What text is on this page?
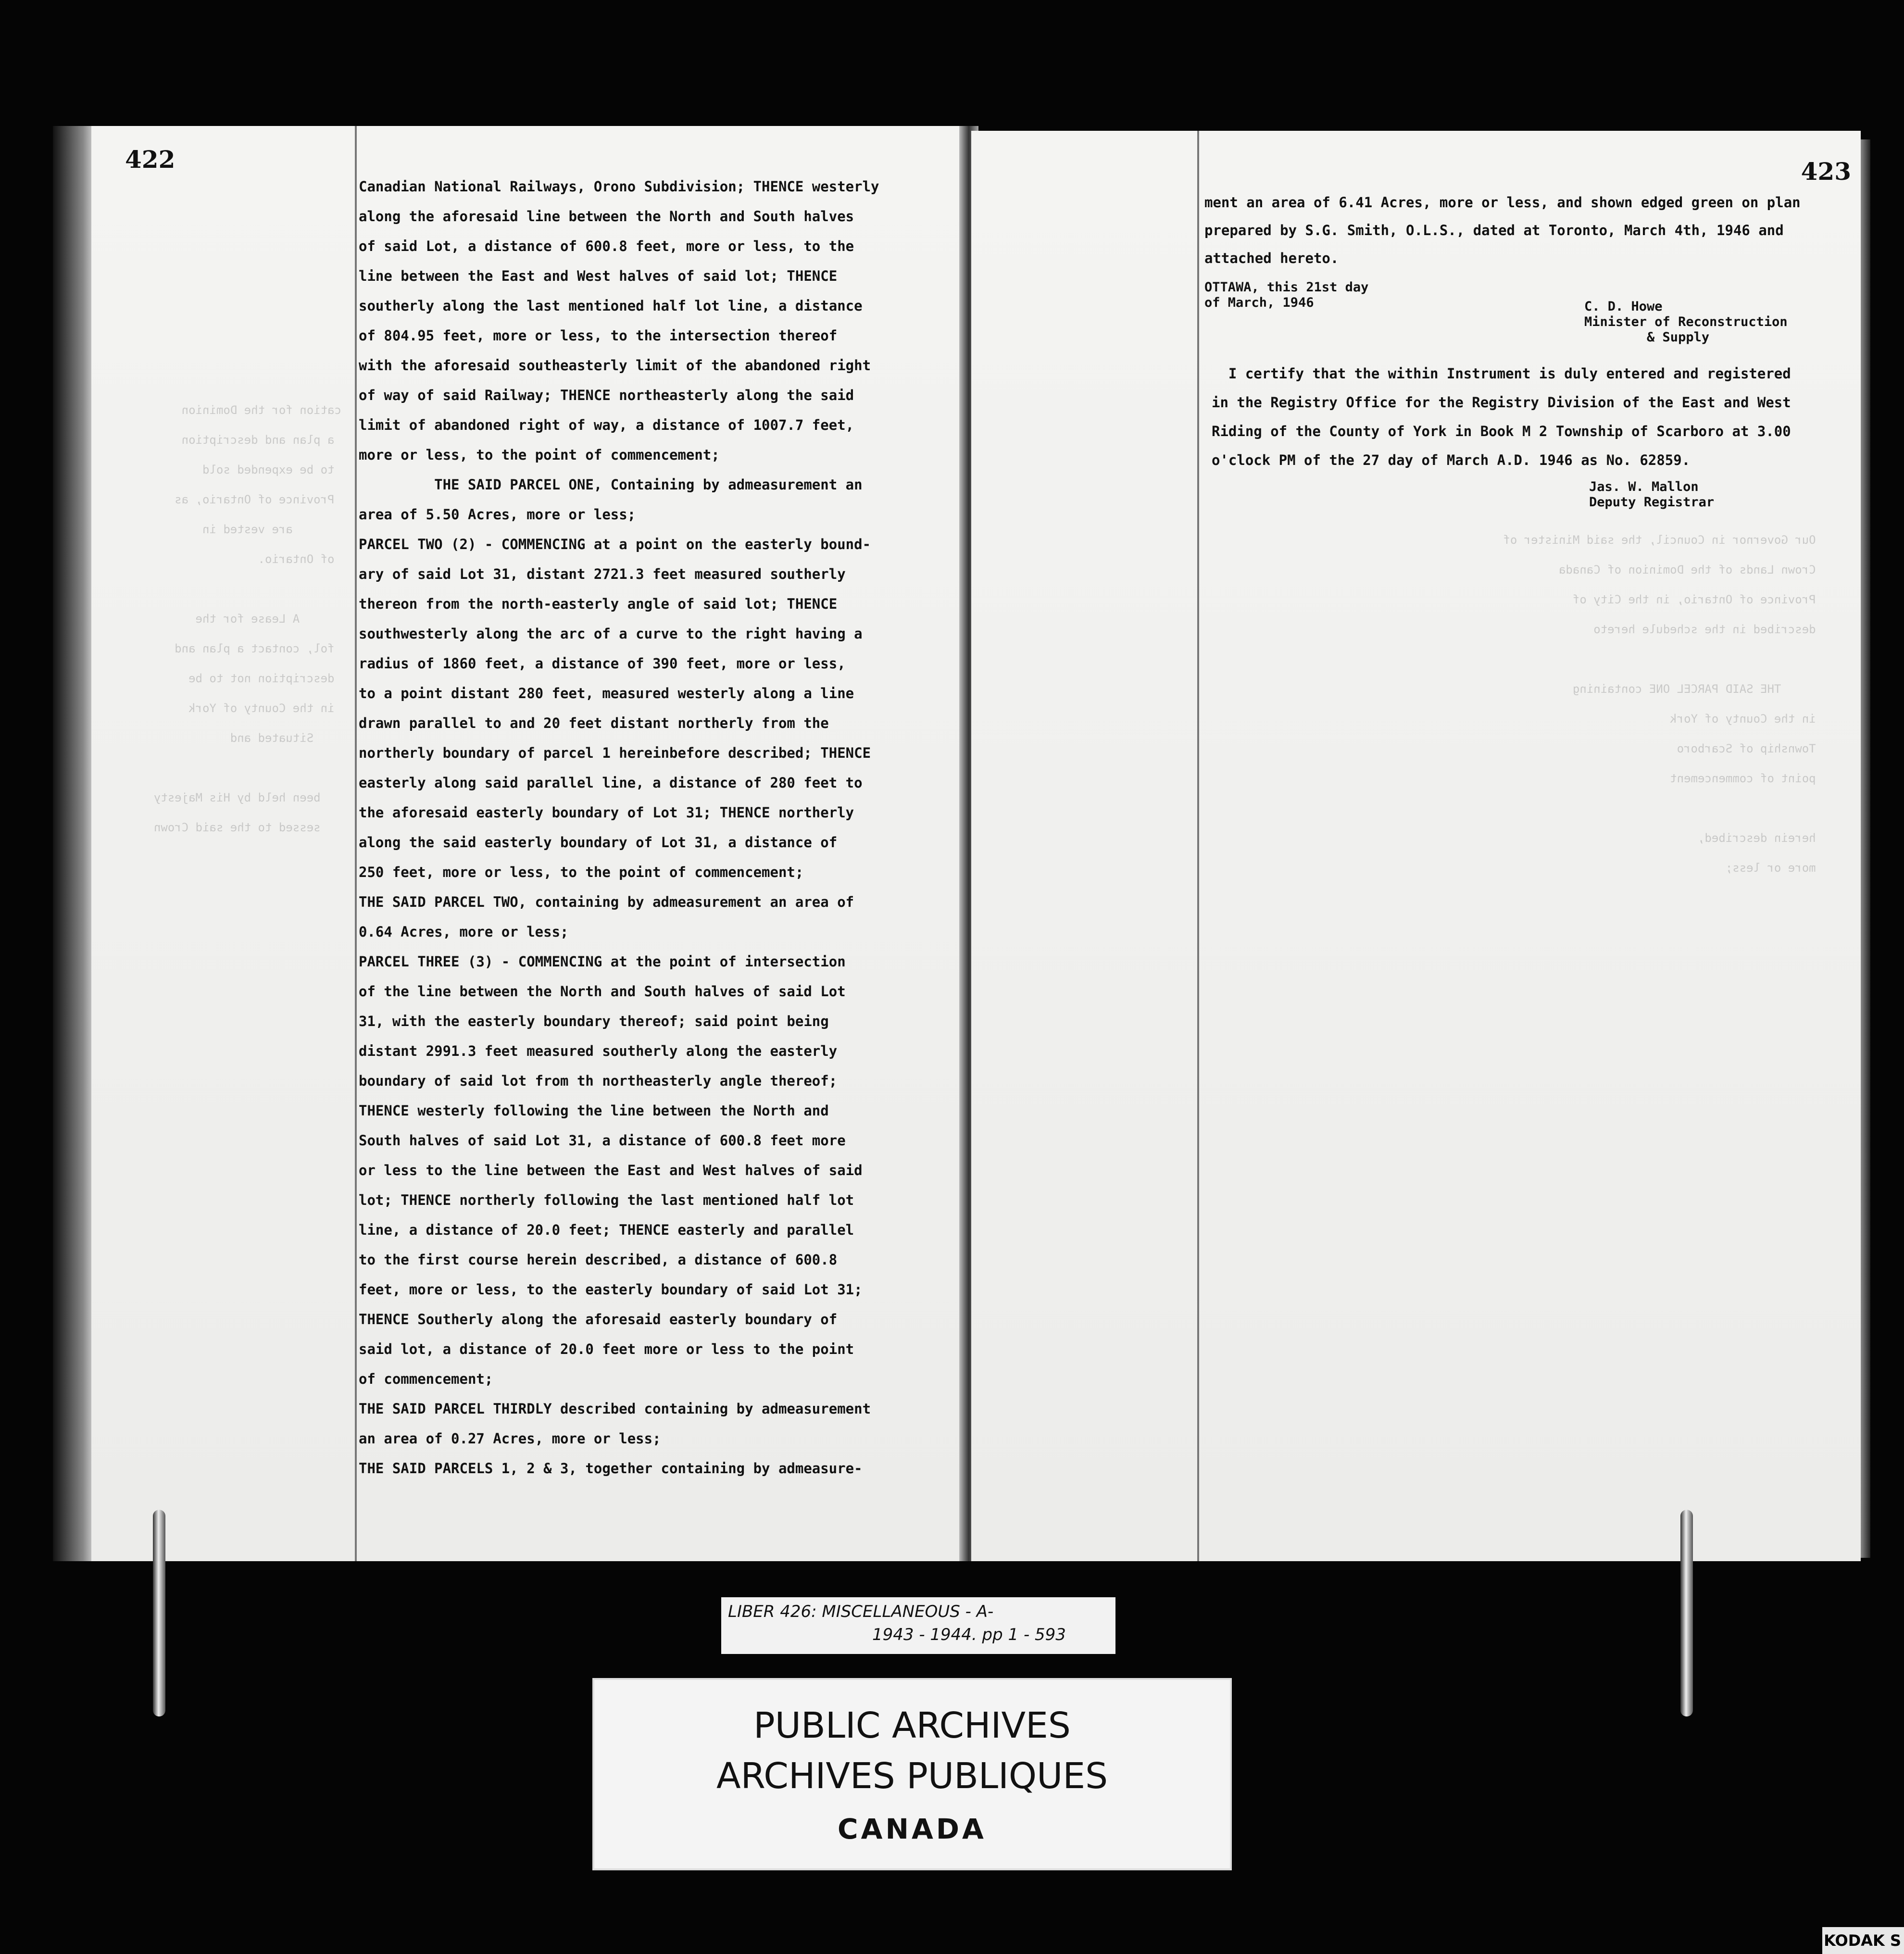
422
cation for the Dominion
a plan and description
to be expended sold
Province of Ontario, as
are vested in
of Ontario.

A Lease for the
fol, contact a plan and
description not to be
in the County of York
Situated and

been held by His Majesty
sessed to the said Crown
Canadian National Railways, Orono Subdivision; THENCE westerly
along the aforesaid line between the North and South halves
of said Lot, a distance of 600.8 feet, more or less, to the
line between the East and West halves of said lot; THENCE
southerly along the last mentioned half lot line, a distance
of 804.95 feet, more or less, to the intersection thereof
with the aforesaid southeasterly limit of the abandoned right
of way of said Railway; THENCE northeasterly along the said
limit of abandoned right of way, a distance of 1007.7 feet,
more or less, to the point of commencement;
THE SAID PARCEL ONE, Containing by admeasurement an
area of 5.50 Acres, more or less;
PARCEL TWO (2) - COMMENCING at a point on the easterly bound-
ary of said Lot 31, distant 2721.3 feet measured southerly
thereon from the north-easterly angle of said lot; THENCE
southwesterly along the arc of a curve to the right having a
radius of 1860 feet, a distance of 390 feet, more or less,
to a point distant 280 feet, measured westerly along a line
drawn parallel to and 20 feet distant northerly from the
northerly boundary of parcel 1 hereinbefore described; THENCE
easterly along said parallel line, a distance of 280 feet to
the aforesaid easterly boundary of Lot 31; THENCE northerly
along the said easterly boundary of Lot 31, a distance of
250 feet, more or less, to the point of commencement;
THE SAID PARCEL TWO, containing by admeasurement an area of
0.64 Acres, more or less;
PARCEL THREE (3) - COMMENCING at the point of intersection
of the line between the North and South halves of said Lot
31, with the easterly boundary thereof; said point being
distant 2991.3 feet measured southerly along the easterly
boundary of said lot from th northeasterly angle thereof;
THENCE westerly following the line between the North and
South halves of said Lot 31, a distance of 600.8 feet more
or less to the line between the East and West halves of said
lot; THENCE northerly following the last mentioned half lot
line, a distance of 20.0 feet; THENCE easterly and parallel
to the first course herein described, a distance of 600.8
feet, more or less, to the easterly boundary of said Lot 31;
THENCE Southerly along the aforesaid easterly boundary of
said lot, a distance of 20.0 feet more or less to the point
of commencement;
THE SAID PARCEL THIRDLY described containing by admeasurement
an area of 0.27 Acres, more or less;
THE SAID PARCELS 1, 2 & 3, together containing by admeasure-
423
Our Governor in Council, the said Minister of
Crown Lands of the Dominion of Canada
Province of Ontario, in the City of
described in the schedule hereto

THE SAID PARCEL ONE containing
in the County of York
Township of Scarboro
point of commencement

herein described,
more or less;
ment an area of 6.41 Acres, more or less, and shown edged green on plan
prepared by S.G. Smith, O.L.S., dated at Toronto, March 4th, 1946 and
attached hereto.
OTTAWA, this 21st day
of March, 1946	C. D. Howe
Minister of Reconstruction
& Supply
I certify that the within Instrument is duly entered and registered
in the Registry Office for the Registry Division of the East and West
Riding of the County of York in Book M 2 Township of Scarboro at 3.00
o'clock PM of the 27 day of March A.D. 1946 as No. 62859.
Jas. W. Mallon
Deputy Registrar
LIBER 426: MISCELLANEOUS - A-
1943 - 1944. pp 1 - 593
PUBLIC ARCHIVES
ARCHIVES PUBLIQUES
CANADA
KODAK S
